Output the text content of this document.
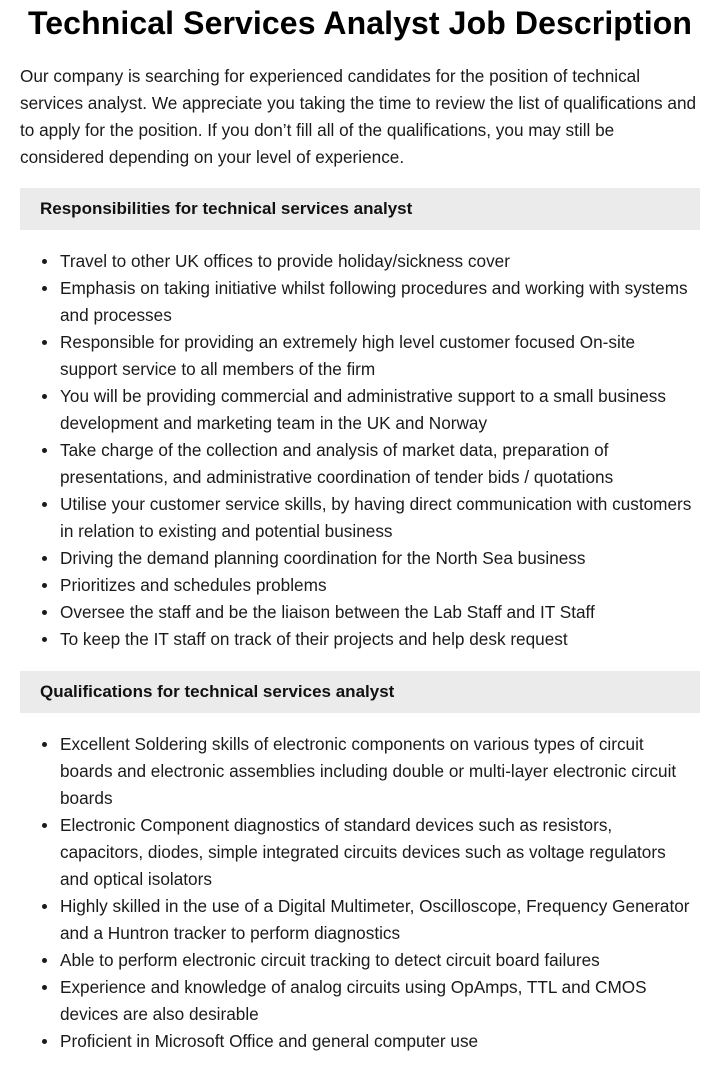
Technical Services Analyst Job Description

Our company is searching for experienced candidates for the position of technical services analyst. We appreciate you taking the time to review the list of qualifications and to apply for the position. If you don’t fill all of the qualifications, you may still be considered depending on your level of experience.

Responsibilities for technical services analyst
Travel to other UK offices to provide holiday/sickness cover
Emphasis on taking initiative whilst following procedures and working with systems and processes
Responsible for providing an extremely high level customer focused On-site support service to all members of the firm
You will be providing commercial and administrative support to a small business development and marketing team in the UK and Norway
Take charge of the collection and analysis of market data, preparation of presentations, and administrative coordination of tender bids / quotations
Utilise your customer service skills, by having direct communication with customers in relation to existing and potential business
Driving the demand planning coordination for the North Sea business
Prioritizes and schedules problems
Oversee the staff and be the liaison between the Lab Staff and IT Staff
To keep the IT staff on track of their projects and help desk request
Qualifications for technical services analyst
Excellent Soldering skills of electronic components on various types of circuit boards and electronic assemblies including double or multi-layer electronic circuit boards
Electronic Component diagnostics of standard devices such as resistors, capacitors, diodes, simple integrated circuits devices such as voltage regulators and optical isolators
Highly skilled in the use of a Digital Multimeter, Oscilloscope, Frequency Generator and a Huntron tracker to perform diagnostics
Able to perform electronic circuit tracking to detect circuit board failures
Experience and knowledge of analog circuits using OpAmps, TTL and CMOS devices are also desirable
Proficient in Microsoft Office and general computer use
